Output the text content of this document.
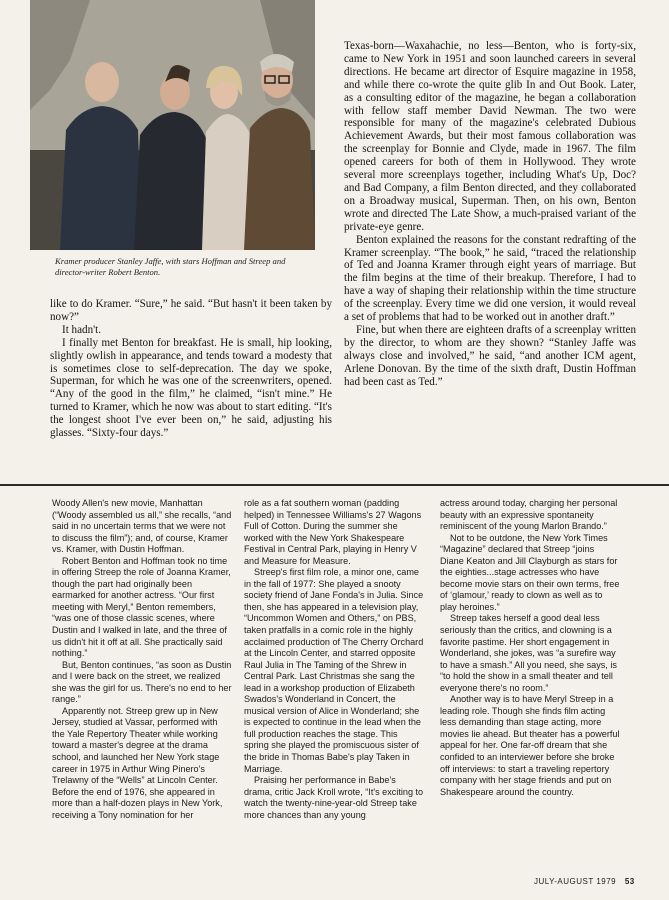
Kramer producer Stanley Jaffe, with stars Hoffman and Streep and director-writer Robert Benton.

Texas-born—Waxahachie, no less—Benton, who is forty-six, came to New York in 1951 and soon launched careers in several directions. He became art director of Esquire magazine in 1958, and while there co-wrote the quite glib In and Out Book. Later, as a consulting editor of the magazine, he began a collaboration with fellow staff member David Newman. The two were responsible for many of the magazine's celebrated Dubious Achievement Awards, but their most famous collaboration was the screenplay for Bonnie and Clyde, made in 1967. The film opened careers for both of them in Hollywood. They wrote several more screenplays together, including What's Up, Doc? and Bad Company, a film Benton directed, and they collaborated on a Broadway musical, Superman. Then, on his own, Benton wrote and directed The Late Show, a much-praised variant of the private-eye genre.

Benton explained the reasons for the constant redrafting of the Kramer screenplay. “The book,” he said, “traced the relationship of Ted and Joanna Kramer through eight years of marriage. But the film begins at the time of their breakup. Therefore, I had to have a way of shaping their relationship within the time structure of the screenplay. Every time we did one version, it would reveal a set of problems that had to be worked out in another draft.”

Fine, but when there are eighteen drafts of a screenplay written by the director, to whom are they shown? “Stanley Jaffe was always close and involved,” he said, “and another ICM agent, Arlene Donovan. By the time of the sixth draft, Dustin Hoffman had been cast as Ted.”

like to do Kramer. “Sure,” he said. “But hasn't it been taken by now?”

It hadn't.

I finally met Benton for breakfast. He is small, hip looking, slightly owlish in appearance, and tends toward a modesty that is sometimes close to self-deprecation. The day we spoke, Superman, for which he was one of the screenwriters, opened. “Any of the good in the film,” he claimed, “isn't mine.” He turned to Kramer, which he now was about to start editing. “It's the longest shoot I've ever been on,” he said, adjusting his glasses. “Sixty-four days.”

Woody Allen's new movie, Manhattan (“Woody assembled us all,” she recalls, “and said in no uncertain terms that we were not to discuss the film”); and, of course, Kramer vs. Kramer, with Dustin Hoffman.

Robert Benton and Hoffman took no time in offering Streep the role of Joanna Kramer, though the part had originally been earmarked for another actress. “Our first meeting with Meryl,” Benton remembers, “was one of those classic scenes, where Dustin and I walked in late, and the three of us didn't hit it off at all. She practically said nothing.”

But, Benton continues, “as soon as Dustin and I were back on the street, we realized she was the girl for us. There's no end to her range.”

Apparently not. Streep grew up in New Jersey, studied at Vassar, performed with the Yale Repertory Theater while working toward a master's degree at the drama school, and launched her New York stage career in 1975 in Arthur Wing Pinero's Trelawny of the “Wells” at Lincoln Center. Before the end of 1976, she appeared in more than a half-dozen plays in New York, receiving a Tony nomination for her

role as a fat southern woman (padding helped) in Tennessee Williams's 27 Wagons Full of Cotton. During the summer she worked with the New York Shakespeare Festival in Central Park, playing in Henry V and Measure for Measure.

Streep's first film role, a minor one, came in the fall of 1977: She played a snooty society friend of Jane Fonda's in Julia. Since then, she has appeared in a television play, “Uncommon Women and Others,” on PBS, taken pratfalls in a comic role in the highly acclaimed production of The Cherry Orchard at the Lincoln Center, and starred opposite Raul Julia in The Taming of the Shrew in Central Park. Last Christmas she sang the lead in a workshop production of Elizabeth Swados's Wonderland in Concert, the musical version of Alice in Wonderland; she is expected to continue in the lead when the full production reaches the stage. This spring she played the promiscuous sister of the bride in Thomas Babe's play Taken in Marriage.

Praising her performance in Babe's drama, critic Jack Kroll wrote, “It's exciting to watch the twenty-nine-year-old Streep take more chances than any young

actress around today, charging her personal beauty with an expressive spontaneity reminiscent of the young Marlon Brando.”

Not to be outdone, the New York Times “Magazine” declared that Streep “joins Diane Keaton and Jill Clayburgh as stars for the eighties...stage actresses who have become movie stars on their own terms, free of ‘glamour,’ ready to clown as well as to play heroines.”

Streep takes herself a good deal less seriously than the critics, and clowning is a favorite pastime. Her short engagement in Wonderland, she jokes, was “a surefire way to have a smash.” All you need, she says, is “to hold the show in a small theater and tell everyone there's no room.”

Another way is to have Meryl Streep in a leading role. Though she finds film acting less demanding than stage acting, more movies lie ahead. But theater has a powerful appeal for her. One far-off dream that she confided to an interviewer before she broke off interviews: to start a traveling repertory company with her stage friends and put on Shakespeare around the country.

JULY-AUGUST 1979 53
